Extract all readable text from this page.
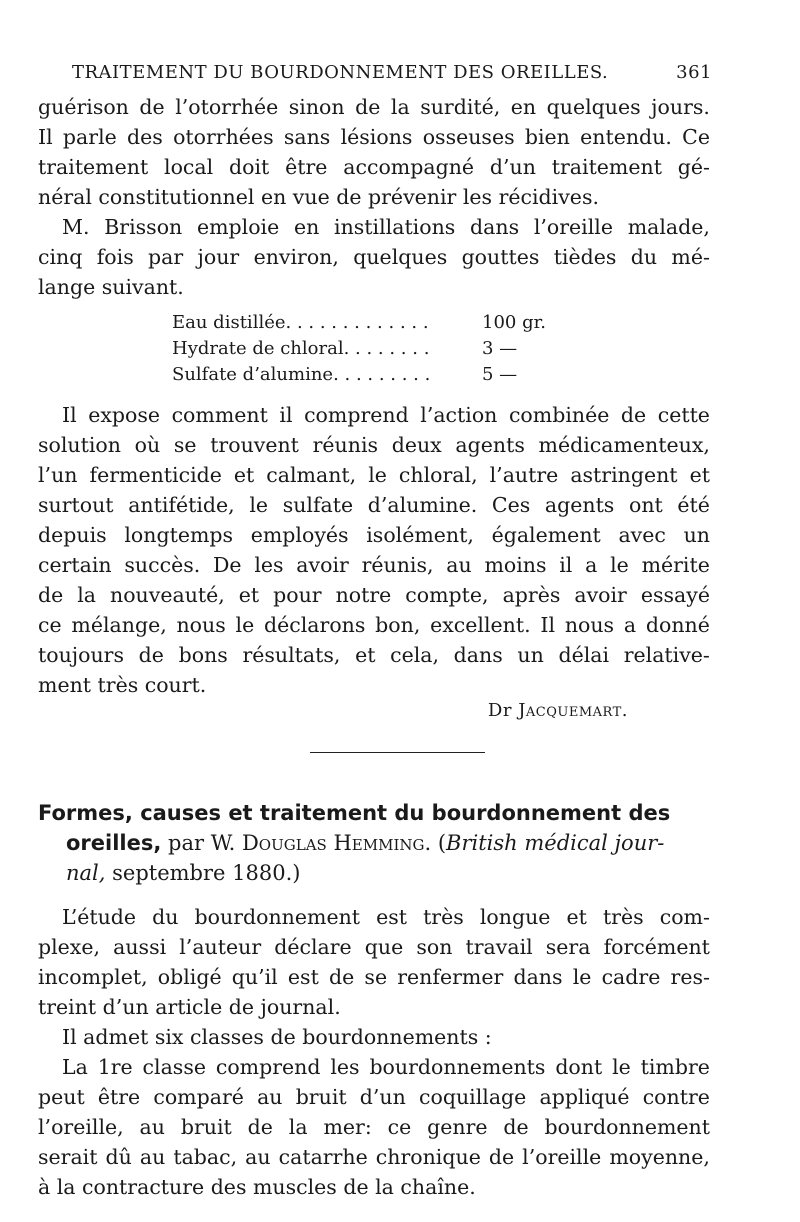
TRAITEMENT DU BOURDONNEMENT DES OREILLES.	361
guérison de l’otorrhée sinon de la surdité, en quelques jours.
Il parle des otorrhées sans lésions osseuses bien entendu. Ce
traitement local doit être accompagné d’un traitement gé-
néral constitutionnel en vue de prévenir les récidives.
M. Brisson emploie en instillations dans l’oreille malade,
cinq fois par jour environ, quelques gouttes tièdes du mé-
lange suivant.
Eau distillée. . . . . . . . . . . . .	100 gr.
Hydrate de chloral. . . . . . . .	3 —
Sulfate d’alumine. . . . . . . . .	5 —
Il expose comment il comprend l’action combinée de cette
solution où se trouvent réunis deux agents médicamenteux,
l’un fermenticide et calmant, le chloral, l’autre astringent et
surtout antifétide, le sulfate d’alumine. Ces agents ont été
depuis longtemps employés isolément, également avec un
certain succès. De les avoir réunis, au moins il a le mérite
de la nouveauté, et pour notre compte, après avoir essayé
ce mélange, nous le déclarons bon, excellent. Il nous a donné
toujours de bons résultats, et cela, dans un délai relative-
ment très court.
Dr Jacquemart.
Formes, causes et traitement du bourdonnement des
oreilles, par W. Douglas Hemming. (British médical jour-
nal, septembre 1880.)
L’étude du bourdonnement est très longue et très com-
plexe, aussi l’auteur déclare que son travail sera forcément
incomplet, obligé qu’il est de se renfermer dans le cadre res-
treint d’un article de journal.
Il admet six classes de bourdonnements :
La 1re classe comprend les bourdonnements dont le timbre
peut être comparé au bruit d’un coquillage appliqué contre
l’oreille, au bruit de la mer: ce genre de bourdonnement
serait dû au tabac, au catarrhe chronique de l’oreille moyenne,
à la contracture des muscles de la chaîne.
